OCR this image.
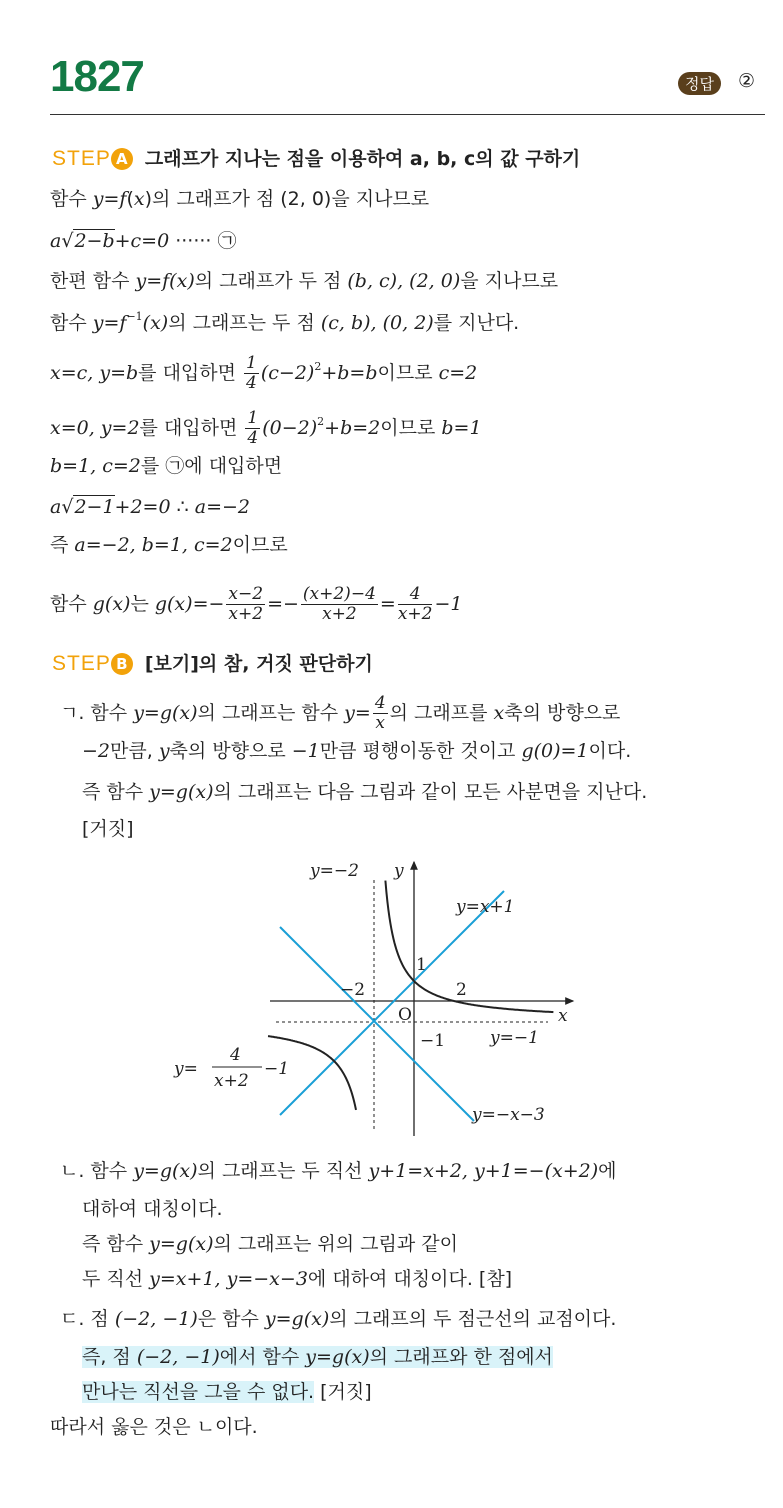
1827	정답	②
STEP A 그래프가 지나는 점을 이용하여 a, b, c의 값 구하기
STEP B [보기]의 참, 거짓 판단하기
함수 y=f(x)의 그래프가 점 (2, 0)을 지나므로
a√2−b+c=0 ······ ㉠
한편 함수 y=f(x)의 그래프가 두 점 (b, c), (2, 0)을 지나므로
함수 $y=f^{-1}(x)$의 그래프는 두 점 (c, b), (0, 2)를 지난다.
x=c, y=b를 대입하면 $\frac{1}{4} (c-2)^2+b=b$이므로 c=2
x=0, y=2를 대입하면 $\frac{1}{4} (0-2)^2+b=2$이므로 b=1
b=1, c=2를 ㉠에 대입하면
a√2−1+2=0 ∴ a=−2
즉 a=−2, b=1, c=2이므로
함수 g(x)는 $g(x)=- \frac{x-2}{x+2} =- \frac{(x+2)-4}{x+2} = \frac{4}{x+2} -1$
ㄱ. 함수 y=g(x)의 그래프는 함수 $y= \frac{4}{x}$ 의 그래프를 x축의 방향으로
−2만큼, y축의 방향으로 −1만큼 평행이동한 것이고 g(0)=1이다.
즉 함수 y=g(x)의 그래프는 다음 그림과 같이 모든 사분면을 지난다.
[거짓]
ㄴ. 함수 y=g(x)의 그래프는 두 직선 y+1=x+2, y+1=−(x+2)에
대하여 대칭이다.
즉 함수 y=g(x)의 그래프는 위의 그림과 같이
두 직선 y=x+1, y=−x−3에 대하여 대칭이다. [참]
ㄷ. 점 (−2, −1)은 함수 y=g(x)의 그래프의 두 점근선의 교점이다.
즉, 점 (−2, −1)에서 함수 y=g(x)의 그래프와 한 점에서
만나는 직선을 그을 수 없다. [거짓]
따라서 옳은 것은 ㄴ이다.
y=−2 y
x
O
y=x+1
y=−x−3
y=−1
−2
1
2
−1
y=
4
x+2
−1
